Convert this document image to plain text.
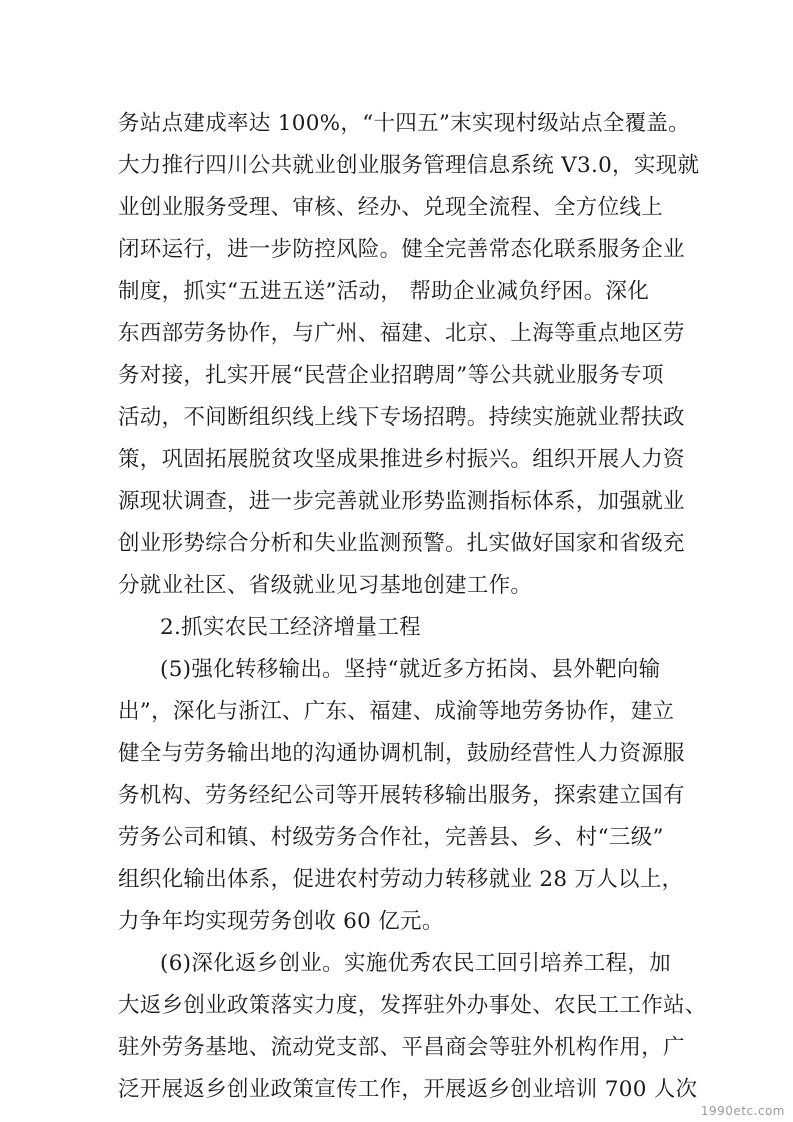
务站点建成率达 100%，“十四五”末实现村级站点全覆盖。
大力推行四川公共就业创业服务管理信息系统 V3.0，实现就
业创业服务受理、审核、经办、兑现全流程、全方位线上
闭环运行，进一步防控风险。健全完善常态化联系服务企业
制度，抓实“五进五送”活动， 帮助企业减负纾困。深化
东西部劳务协作，与广州、福建、北京、上海等重点地区劳
务对接，扎实开展“民营企业招聘周”等公共就业服务专项
活动，不间断组织线上线下专场招聘。持续实施就业帮扶政
策，巩固拓展脱贫攻坚成果推进乡村振兴。组织开展人力资
源现状调查，进一步完善就业形势监测指标体系，加强就业
创业形势综合分析和失业监测预警。扎实做好国家和省级充
分就业社区、省级就业见习基地创建工作。
2.抓实农民工经济增量工程
(5)强化转移输出。坚持“就近多方拓岗、县外靶向输
出”，深化与浙江、广东、福建、成渝等地劳务协作，建立
健全与劳务输出地的沟通协调机制，鼓励经营性人力资源服
务机构、劳务经纪公司等开展转移输出服务，探索建立国有
劳务公司和镇、村级劳务合作社，完善县、乡、村“三级”
组织化输出体系，促进农村劳动力转移就业 28 万人以上，
力争年均实现劳务创收 60 亿元。
(6)深化返乡创业。实施优秀农民工回引培养工程，加
大返乡创业政策落实力度，发挥驻外办事处、农民工工作站、
驻外劳务基地、流动党支部、平昌商会等驻外机构作用，广
泛开展返乡创业政策宣传工作，开展返乡创业培训 700 人次
1990etc.com
